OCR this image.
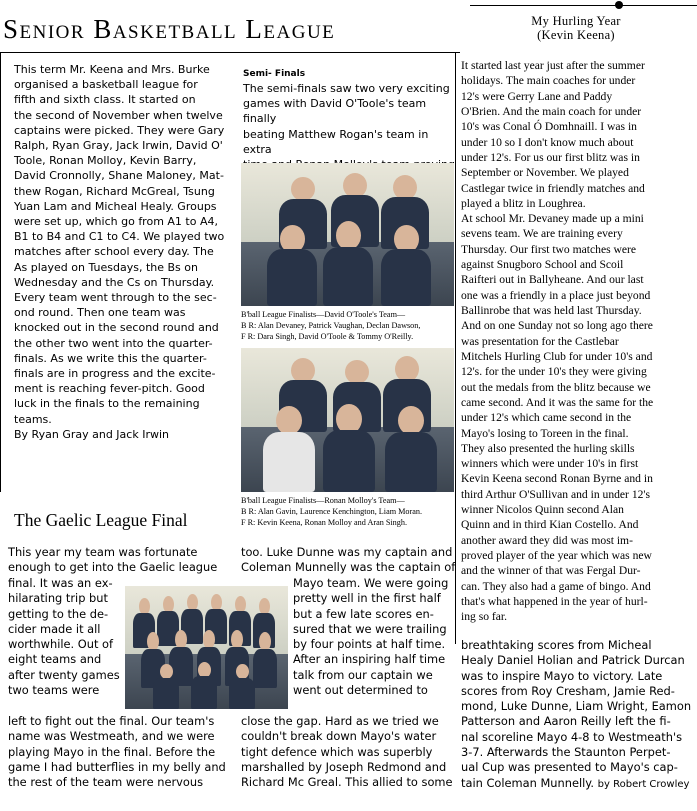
Senior Basketball League
This term Mr. Keena and Mrs. Burke
organised a basketball league for
fifth and sixth class. It started on
the second of November when twelve
captains were picked. They were Gary
Ralph, Ryan Gray, Jack Irwin, David O'
Toole, Ronan Molloy, Kevin Barry,
David Cronnolly, Shane Maloney, Mat-
thew Rogan, Richard McGreal, Tsung
Yuan Lam and Micheal Healy. Groups
were set up, which go from A1 to A4,
B1 to B4 and C1 to C4. We played two
matches after school every day. The
As played on Tuesdays, the Bs on
Wednesday and the Cs on Thursday.
Every team went through to the sec-
ond round. Then one team was
knocked out in the second round and
the other two went into the quarter-
finals. As we write this the quarter-
finals are in progress and the excite-
ment is reaching fever-pitch. Good
luck in the finals to the remaining
teams.
By Ryan Gray and Jack Irwin
Semi- Finals
The semi-finals saw two very exciting
games with David O'Toole's team finally
beating Matthew Rogan's team in extra

B'ball League Finalists—David O'Toole's Team—
B R: Alan Devaney, Patrick Vaughan, Declan Dawson,
F R: Dara Singh, David O'Toole & Tommy O'Reilly.
B'ball League Finalists—Ronan Molloy's Team—
B R: Alan Gavin, Laurence Kenchington, Liam Moran.
F R: Kevin Keena, Ronan Molloy and Aran Singh.
My Hurling Year
(Kevin Keena)
It started last year just after the summer
holidays. The main coaches for under
12's were Gerry Lane and Paddy
O'Brien. And the main coach for under
10's was Conal Ó Domhnaill. I was in
under 10 so I don't know much about
under 12's. For us our first blitz was in
September or November. We played
Castlegar twice in friendly matches and
played a blitz in Loughrea.
At school Mr. Devaney made up a mini
sevens team. We are training every
Thursday. Our first two matches were
against Snugboro School and Scoil
Raifteri out in Ballyheane. And our last
one was a friendly in a place just beyond
Ballinrobe that was held last Thursday.
And on one Sunday not so long ago there
was presentation for the Castlebar
Mitchels Hurling Club for under 10's and
12's. for the under 10's they were giving
out the medals from the blitz because we
came second. And it was the same for the
under 12's which came second in the
Mayo's losing to Toreen in the final.
They also presented the hurling skills
winners which were under 10's in first
Kevin Keena second Ronan Byrne and in
third Arthur O'Sullivan and in under 12's
winner Nicolos Quinn second Alan
Quinn and in third Kian Costello. And
another award they did was most im-
proved player of the year which was new
and the winner of that was Fergal Dur-
can. They also had a game of bingo. And
that's what happened in the year of hurl-
ing so far.
The Gaelic League Final
This year my team was fortunate
enough to get into the Gaelic league
final. It was an ex-
hilarating trip but
getting to the de-
cider made it all
worthwhile. Out of
eight teams and
after twenty games
two teams were
left to fight out the final. Our team's
name was Westmeath, and we were
playing Mayo in the final. Before the
game I had butterflies in my belly and
the rest of the team were nervous
too. Luke Dunne was my captain and
Coleman Munnelly was the captain of
Mayo team. We were going
pretty well in the first half
but a few late scores en-
sured that we were trailing
by four points at half time.
After an inspiring half time
talk from our captain we
went out determined to
close the gap. Hard as we tried we
couldn't break down Mayo's water
tight defence which was superbly
marshalled by Joseph Redmond and
Richard Mc Greal. This allied to some
breathtaking scores from Micheal
Healy Daniel Holian and Patrick Durcan
was to inspire Mayo to victory. Late
scores from Roy Cresham, Jamie Red-
mond, Luke Dunne, Liam Wright, Eamon
Patterson and Aaron Reilly left the fi-
nal scoreline Mayo 4-8 to Westmeath's
3-7. Afterwards the Staunton Perpet-
ual Cup was presented to Mayo's cap-
tain Coleman Munnelly. by Robert Crowley
